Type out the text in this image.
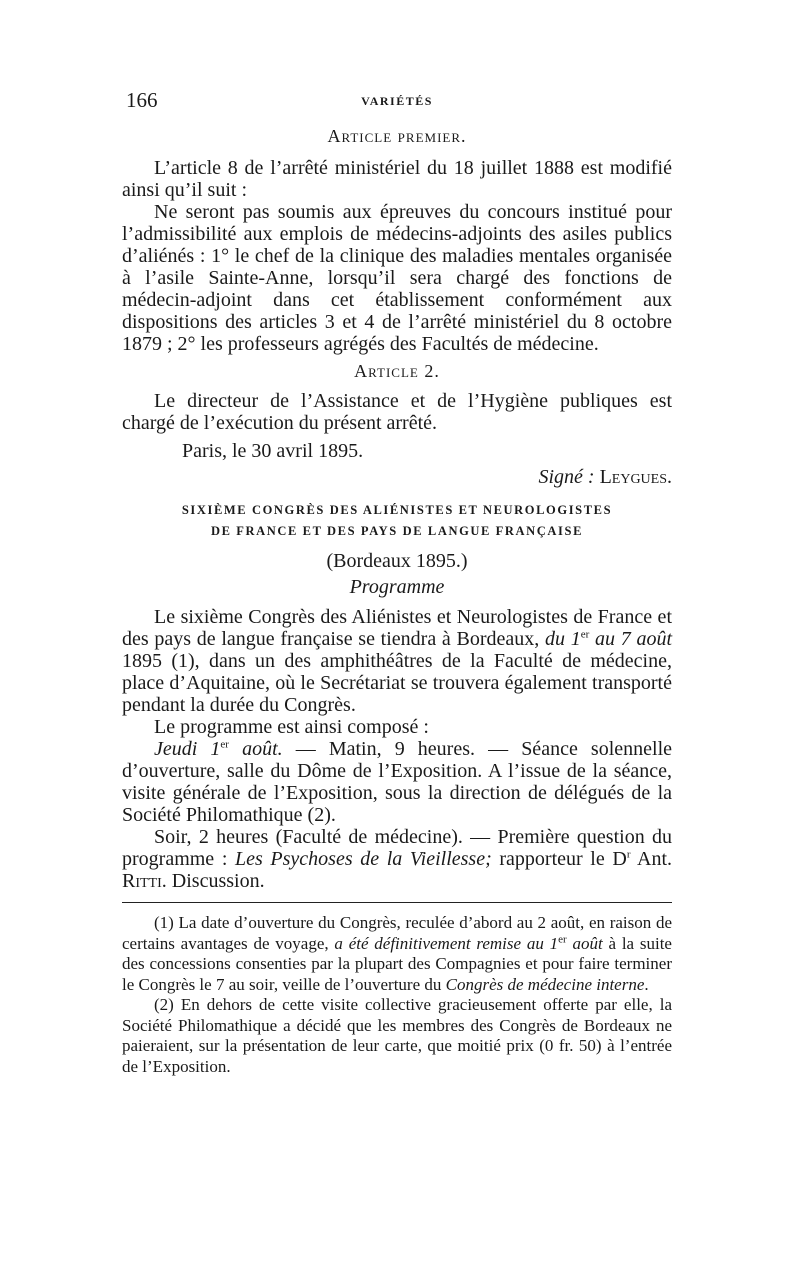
166	VARIÉTÉS
Article premier.

L’article 8 de l’arrêté ministériel du 18 juillet 1888 est modifié ainsi qu’il suit :

Ne seront pas soumis aux épreuves du concours institué pour l’admissibilité aux emplois de médecins-adjoints des asiles publics d’aliénés : 1° le chef de la clinique des maladies mentales organisée à l’asile Sainte-Anne, lorsqu’il sera chargé des fonctions de médecin-adjoint dans cet établissement conformément aux dispositions des articles 3 et 4 de l’arrêté ministériel du 8 octobre 1879 ; 2° les professeurs agrégés des Facultés de médecine.

Article 2.

Le directeur de l’Assistance et de l’Hygiène publiques est chargé de l’exécution du présent arrêté.

Paris, le 30 avril 1895.

Signé : Leygues.

SIXIÈME CONGRÈS DES ALIÉNISTES ET NEUROLOGISTES
DE FRANCE ET DES PAYS DE LANGUE FRANÇAISE
(Bordeaux 1895.)
Programme

Le sixième Congrès des Aliénistes et Neurologistes de France et des pays de langue française se tiendra à Bordeaux, du 1er au 7 août 1895 (1), dans un des amphithéâtres de la Faculté de médecine, place d’Aquitaine, où le Secrétariat se trouvera également transporté pendant la durée du Congrès.

Le programme est ainsi composé :

Jeudi 1er août. — Matin, 9 heures. — Séance solennelle d’ouverture, salle du Dôme de l’Exposition. A l’issue de la séance, visite générale de l’Exposition, sous la direction de délégués de la Société Philomathique (2).

Soir, 2 heures (Faculté de médecine). — Première question du programme : Les Psychoses de la Vieillesse; rapporteur le $D^r$ Ant. Ritti. Discussion.

(1) La date d’ouverture du Congrès, reculée d’abord au 2 août, en raison de certains avantages de voyage, a été définitivement remise au 1er août à la suite des concessions consenties par la plupart des Compagnies et pour faire terminer le Congrès le 7 au soir, veille de l’ouverture du Congrès de médecine interne.

(2) En dehors de cette visite collective gracieusement offerte par elle, la Société Philomathique a décidé que les membres des Congrès de Bordeaux ne paieraient, sur la présentation de leur carte, que moitié prix (0 fr. 50) à l’entrée de l’Exposition.
